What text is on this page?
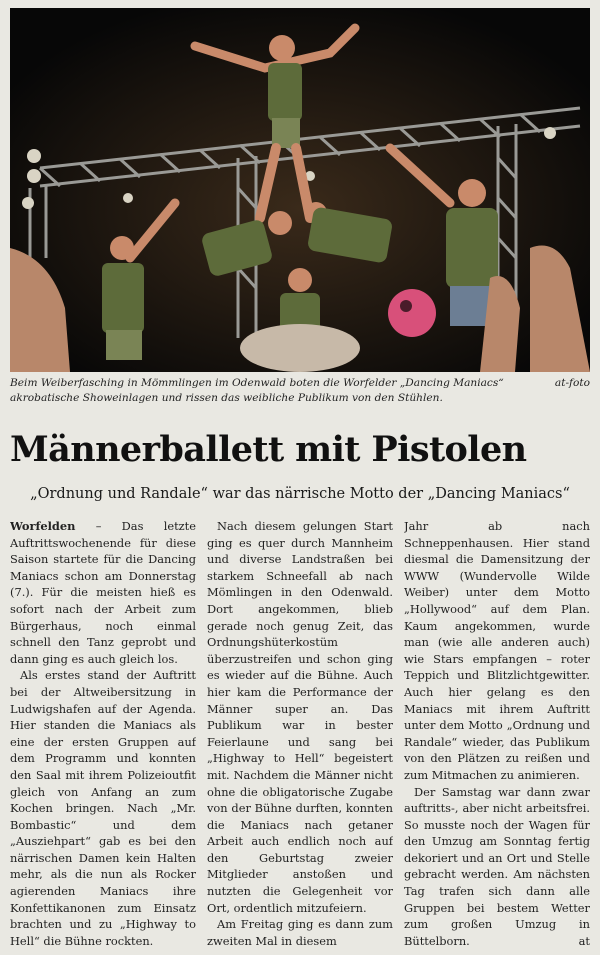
at-foto
Beim Weiberfasching in Mömmlingen im Odenwald boten die Worfelder „Dancing Maniacs“ akrobatische Showeinlagen und rissen das weibliche Publikum von den Stühlen.
Männerballett mit Pistolen
„Ordnung und Randale“ war das närrische Motto der „Dancing Maniacs“

Worfelden – Das letzte Auftrittswochenende für diese Saison startete für die Dancing Maniacs schon am Donnerstag (7.). Für die meisten hieß es sofort nach der Arbeit zum Bürgerhaus, noch einmal schnell den Tanz geprobt und dann ging es auch gleich los.

Als erstes stand der Auftritt bei der Altweibersitzung in Ludwigshafen auf der Agenda. Hier standen die Maniacs als eine der ersten Gruppen auf dem Programm und konnten den Saal mit ihrem Polizeioutfit gleich von Anfang an zum Kochen bringen. Nach „Mr. Bombastic“ und dem „Ausziehpart“ gab es bei den närrischen Damen kein Halten mehr, als die nun als Rocker agierenden Maniacs ihre Konfettikanonen zum Einsatz brachten und zu „Highway to Hell“ die Bühne rockten.

Nach diesem gelungen Start ging es quer durch Mannheim und diverse Landstraßen bei starkem Schneefall ab nach Mömlingen in den Odenwald. Dort angekommen, blieb gerade noch genug Zeit, das Ordnungshüterkostüm überzustreifen und schon ging es wieder auf die Bühne. Auch hier kam die Performance der Männer super an. Das Publikum war in bester Feierlaune und sang bei „Highway to Hell“ begeistert mit. Nachdem die Männer nicht ohne die obligatorische Zugabe von der Bühne durften, konnten die Maniacs nach getaner Arbeit auch endlich noch auf den Geburtstag zweier Mitglieder anstoßen und nutzten die Gelegenheit vor Ort, ordentlich mitzufeiern.

Am Freitag ging es dann zum zweiten Mal in diesem

Jahr ab nach Schneppenhausen. Hier stand diesmal die Damensitzung der WWW (Wundervolle Wilde Weiber) unter dem Motto „Hollywood“ auf dem Plan. Kaum angekommen, wurde man (wie alle anderen auch) wie Stars empfangen – roter Teppich und Blitzlichtgewitter. Auch hier gelang es den Maniacs mit ihrem Auftritt unter dem Motto „Ordnung und Randale“ wieder, das Publikum von den Plätzen zu reißen und zum Mitmachen zu animieren.

Der Samstag war dann zwar auftritts-, aber nicht arbeitsfrei. So musste noch der Wagen für den Umzug am Sonntag fertig dekoriert und an Ort und Stelle gebracht werden. Am nächsten Tag trafen sich dann alle Gruppen bei bestem Wetter zum großen Umzug in Büttelborn.	at
